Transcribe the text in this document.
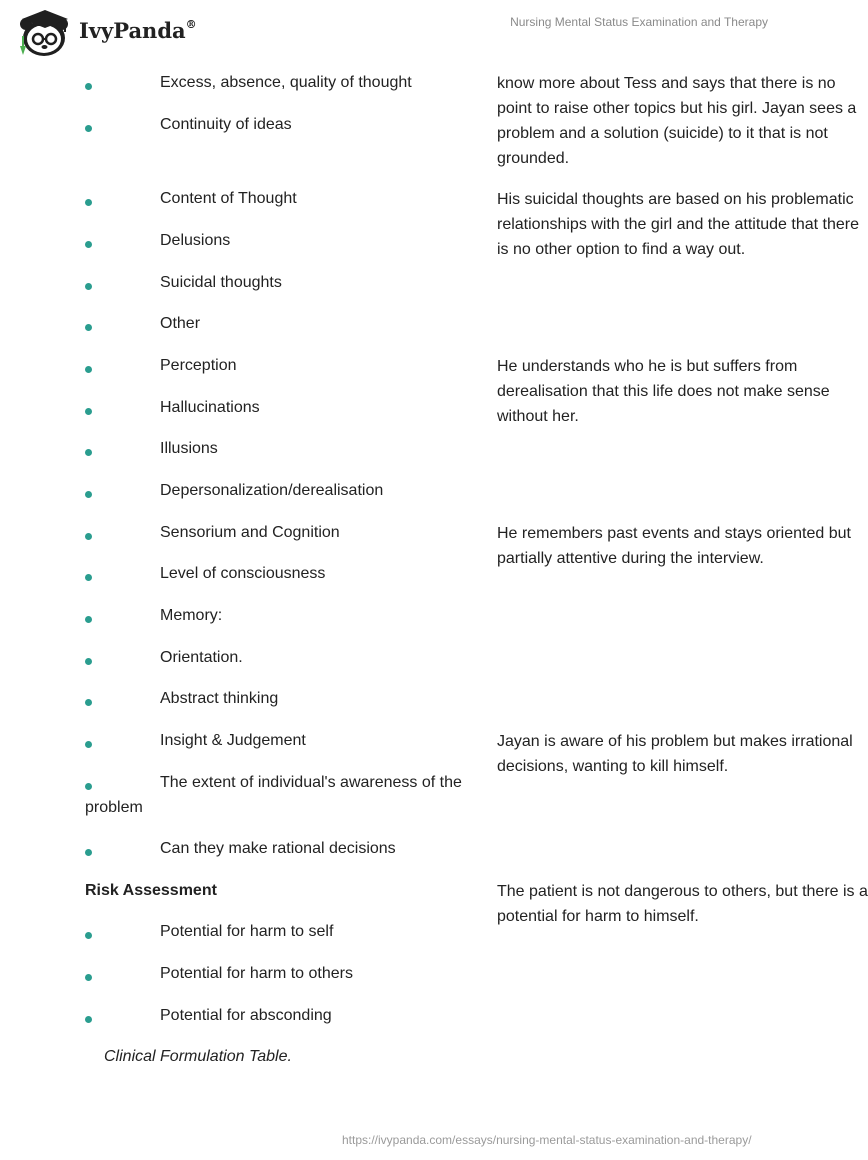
IvyPanda®	Nursing Mental Status Examination and Therapy
Excess, absence, quality of thought
Continuity of ideas
Content of Thought
Delusions
Suicidal thoughts
Other
Perception
Hallucinations
Illusions
Depersonalization/derealisation
Sensorium and Cognition
Level of consciousness
Memory:
Orientation.
Abstract thinking
Insight & Judgement
The extent of individual's awareness of the
problem
Can they make rational decisions
Risk Assessment
Potential for harm to self
Potential for harm to others
Potential for absconding
Clinical Formulation Table.
know more about Tess and says that there is no
point to raise other topics but his girl. Jayan sees a
problem and a solution (suicide) to it that is not
grounded.
His suicidal thoughts are based on his problematic
relationships with the girl and the attitude that there
is no other option to find a way out.
He understands who he is but suffers from
derealisation that this life does not make sense
without her.
He remembers past events and stays oriented but
partially attentive during the interview.
Jayan is aware of his problem but makes irrational
decisions, wanting to kill himself.
The patient is not dangerous to others, but there is a
potential for harm to himself.
https://ivypanda.com/essays/nursing-mental-status-examination-and-therapy/
